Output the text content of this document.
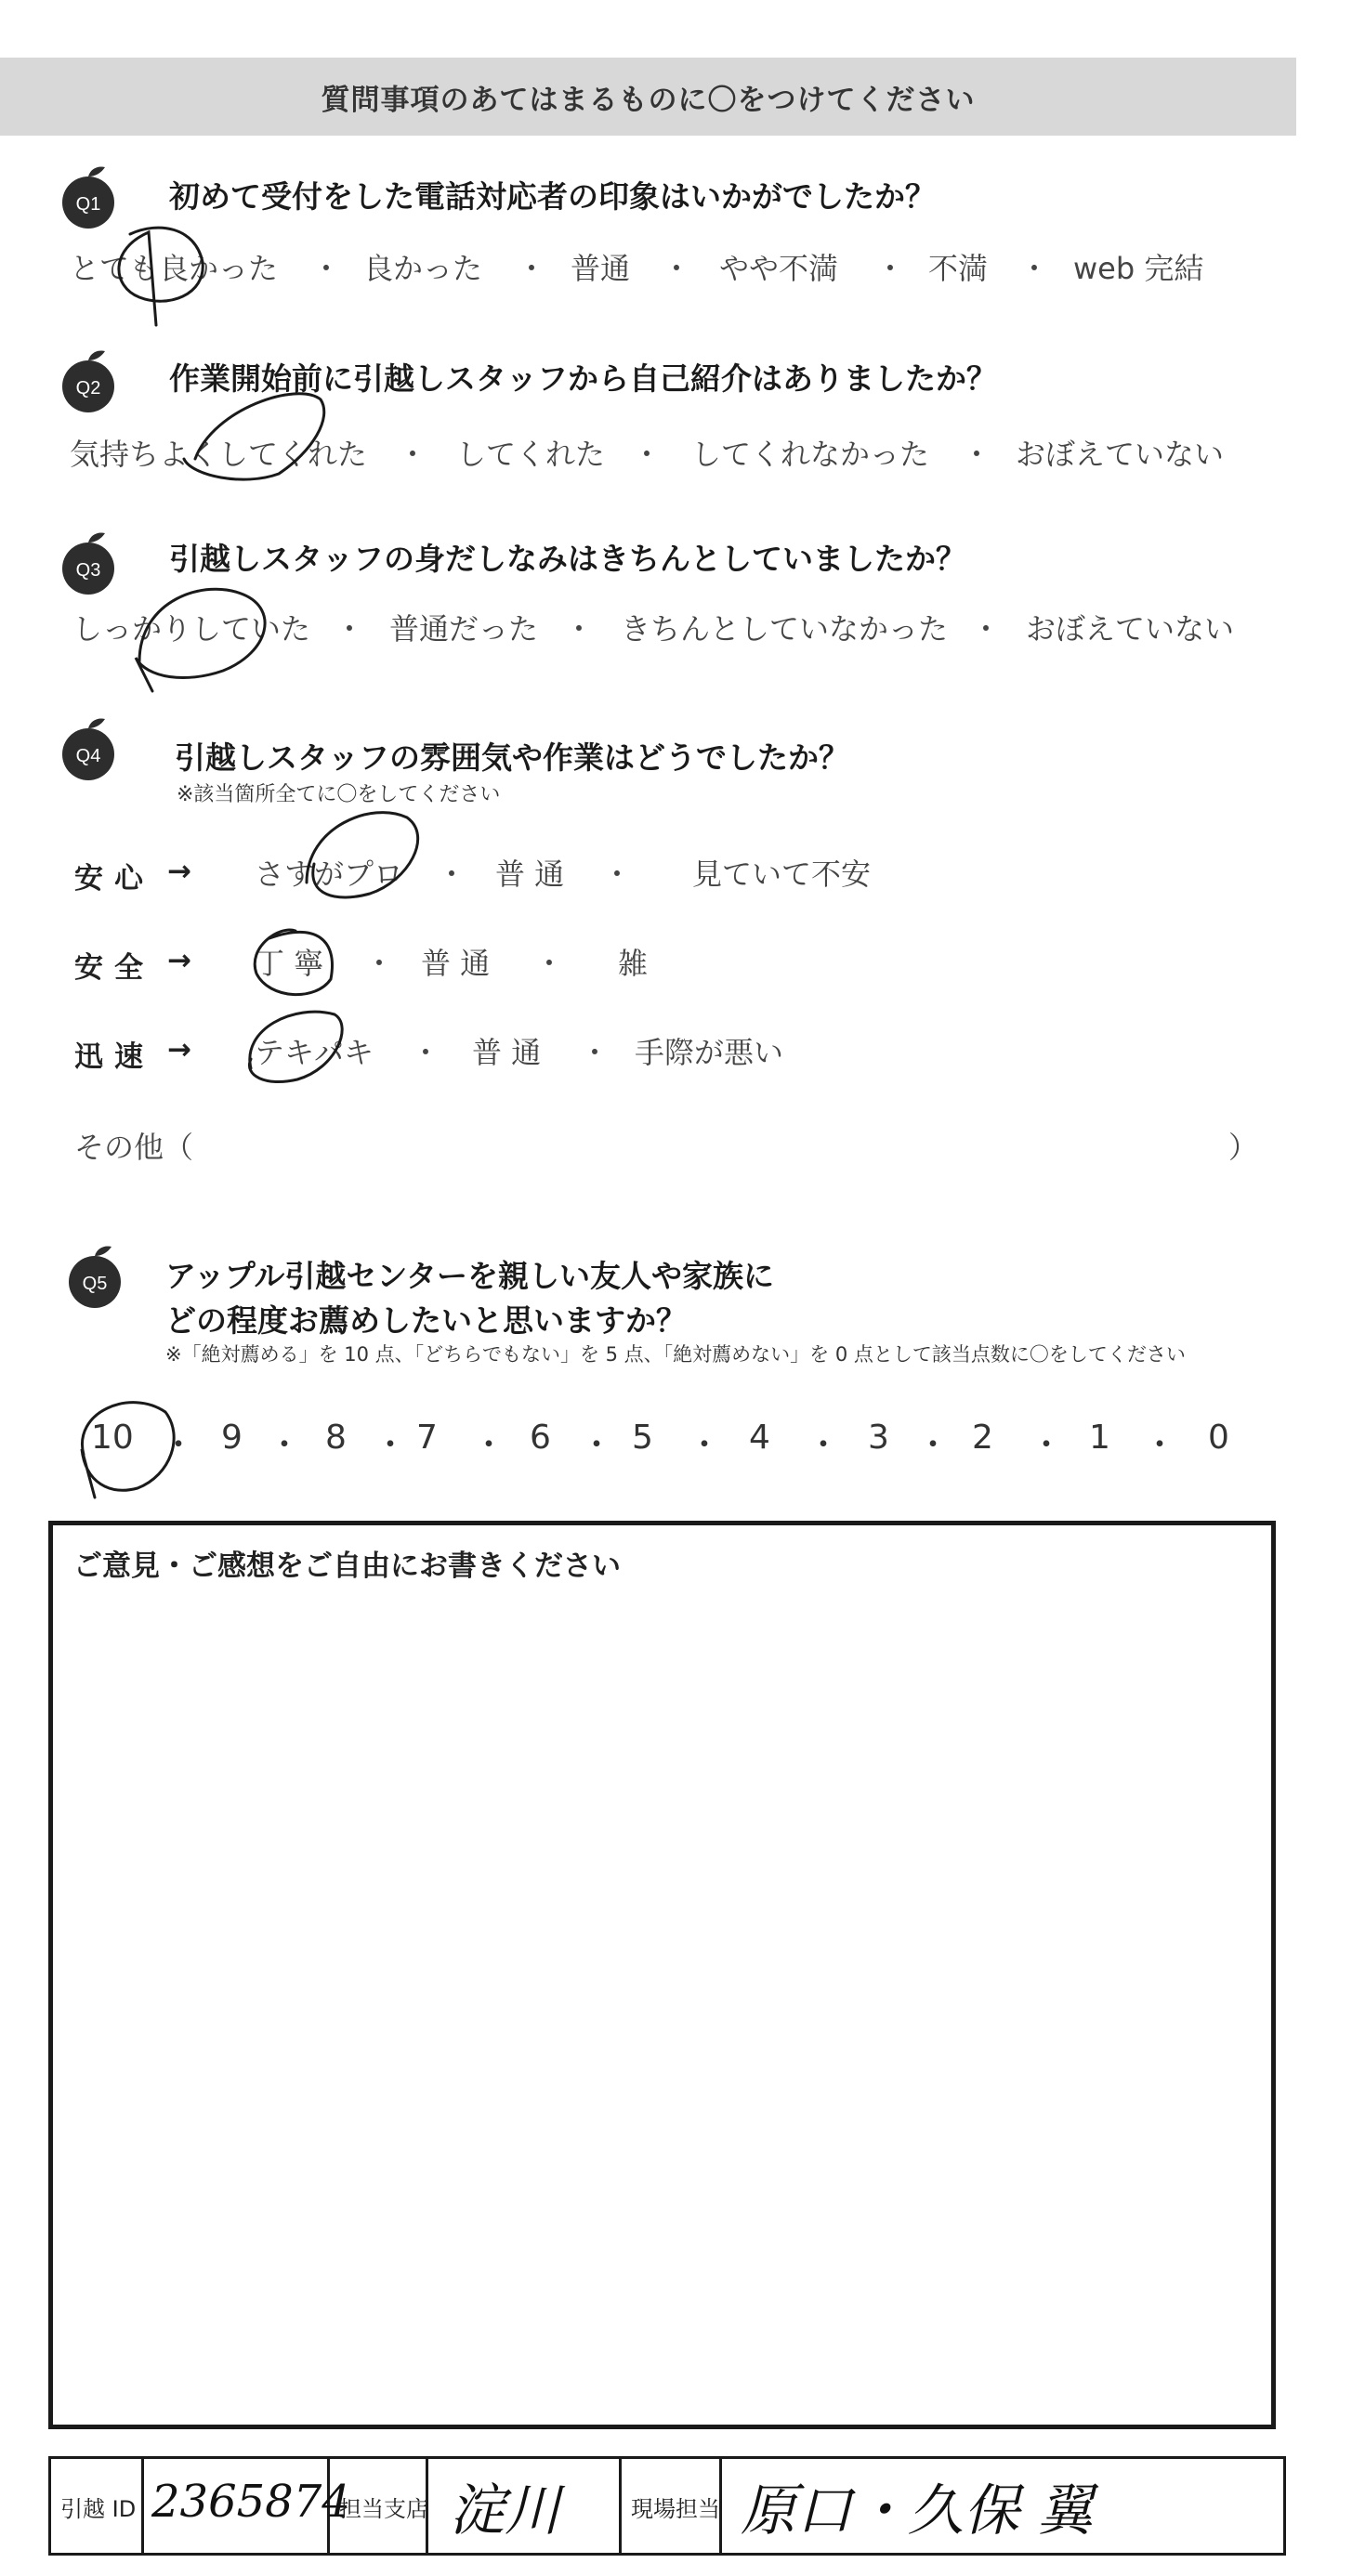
質問事項のあてはまるものに〇をつけてください
Q1 初めて受付をした電話対応者の印象はいかがでしたか？
とても良かった ・ 良かった ・ 普通 ・ やや不満 ・ 不満 ・ web 完結
Q2 作業開始前に引越しスタッフから自己紹介はありましたか？
気持ちよくしてくれた ・ してくれた ・ してくれなかった ・ おぼえていない
Q3 引越しスタッフの身だしなみはきちんとしていましたか？
しっかりしていた ・ 普通だった ・ きちんとしていなかった ・ おぼえていない
Q4 引越しスタッフの雰囲気や作業はどうでしたか？
※該当箇所全てに〇をしてください
安心 → さすがプロ ・ 普 通 ・ 見ていて不安
安全 → 丁 寧 ・ 普 通 ・ 雑
迅速 → テキパキ ・ 普 通 ・ 手際が悪い
その他（	）
Q5 アップル引越センターを親しい友人や家族に
どの程度お薦めしたいと思いますか？
※「絶対薦める」を 10 点、「どちらでもない」を 5 点、「絶対薦めない」を 0 点として該当点数に〇をしてください
10 ・ 9 ・ 8 ・ 7 ・ 6 ・ 5 ・ 4 ・ 3 ・ 2 ・ 1 ・ 0
ご意見・ご感想をご自由にお書きください
引越 ID 2365874
担当支店 淀川	現場担当 原口・久保 翼
